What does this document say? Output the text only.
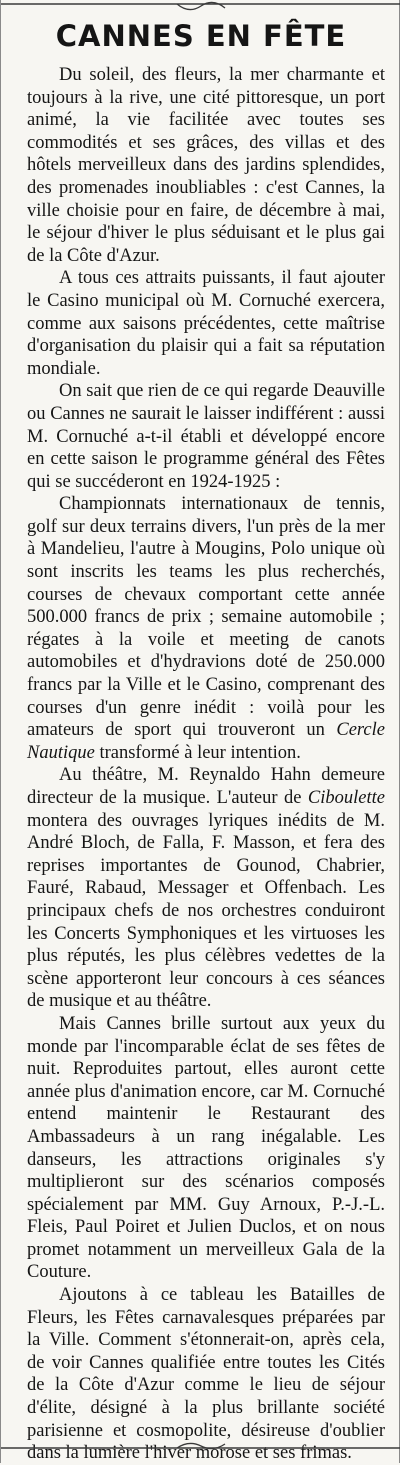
CANNES EN FÊTE

Du soleil, des fleurs, la mer charmante et toujours à la rive, une cité pittoresque, un port animé, la vie facilitée avec toutes ses commodités et ses grâces, des villas et des hôtels merveilleux dans des jardins splendides, des promenades inoubliables : c'est Cannes, la ville choisie pour en faire, de décembre à mai, le séjour d'hiver le plus séduisant et le plus gai de la Côte d'Azur.

A tous ces attraits puissants, il faut ajouter le Casino municipal où M. Cornuché exercera, comme aux saisons précédentes, cette maîtrise d'organisation du plaisir qui a fait sa réputation mondiale.

On sait que rien de ce qui regarde Deauville ou Cannes ne saurait le laisser indifférent : aussi M. Cornuché a-t-il établi et développé encore en cette saison le programme général des Fêtes qui se succéderont en 1924-1925 :

Championnats internationaux de tennis, golf sur deux terrains divers, l'un près de la mer à Mandelieu, l'autre à Mougins, Polo unique où sont inscrits les teams les plus recherchés, courses de chevaux comportant cette année 500.000 francs de prix ; semaine automobile ; régates à la voile et meeting de canots automobiles et d'hydravions doté de 250.000 francs par la Ville et le Casino, comprenant des courses d'un genre inédit : voilà pour les amateurs de sport qui trouveront un Cercle Nautique transformé à leur intention.

Au théâtre, M. Reynaldo Hahn demeure directeur de la musique. L'auteur de Ciboulette montera des ouvrages lyriques inédits de M. André Bloch, de Falla, F. Masson, et fera des reprises importantes de Gounod, Chabrier, Fauré, Rabaud, Messager et Offenbach. Les principaux chefs de nos orchestres conduiront les Concerts Symphoniques et les virtuoses les plus réputés, les plus célèbres vedettes de la scène apporteront leur concours à ces séances de musique et au théâtre.

Mais Cannes brille surtout aux yeux du monde par l'incomparable éclat de ses fêtes de nuit. Reproduites partout, elles auront cette année plus d'animation encore, car M. Cornuché entend maintenir le Restaurant des Ambassadeurs à un rang inégalable. Les danseurs, les attractions originales s'y multiplieront sur des scénarios composés spécialement par MM. Guy Arnoux, P.-J.-L. Fleis, Paul Poiret et Julien Duclos, et on nous promet notamment un merveilleux Gala de la Couture.

Ajoutons à ce tableau les Batailles de Fleurs, les Fêtes carnavalesques préparées par la Ville. Comment s'étonnerait-on, après cela, de voir Cannes qualifiée entre toutes les Cités de la Côte d'Azur comme le lieu de séjour d'élite, désigné à la plus brillante société parisienne et cosmopolite, désireuse d'oublier dans la lumière l'hiver morose et ses frimas.
